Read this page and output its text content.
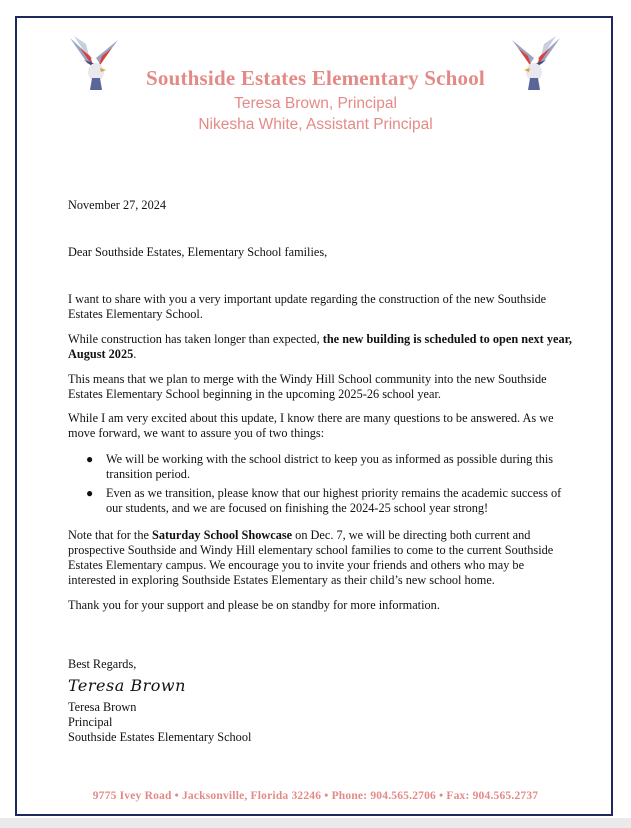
Southside Estates Elementary School
Teresa Brown, Principal
Nikesha White, Assistant Principal
November 27, 2024
Dear Southside Estates, Elementary School families,

I want to share with you a very important update regarding the construction of the new Southside Estates Elementary School.

While construction has taken longer than expected, the new building is scheduled to open next year, August 2025.

This means that we plan to merge with the Windy Hill School community into the new Southside Estates Elementary School beginning in the upcoming 2025-26 school year.

While I am very excited about this update, I know there are many questions to be answered. As we move forward, we want to assure you of two things:

● We will be working with the school district to keep you as informed as possible during this transition period.
● Even as we transition, please know that our highest priority remains the academic success of our students, and we are focused on finishing the 2024-25 school year strong!

Note that for the Saturday School Showcase on Dec. 7, we will be directing both current and prospective Southside and Windy Hill elementary school families to come to the current Southside Estates Elementary campus. We encourage you to invite your friends and others who may be interested in exploring Southside Estates Elementary as their child’s new school home.

Thank you for your support and please be on standby for more information.

Best Regards,
Teresa Brown
Teresa Brown
Principal
Southside Estates Elementary School
9775 Ivey Road • Jacksonville, Florida 32246 • Phone: 904.565.2706 • Fax: 904.565.2737
